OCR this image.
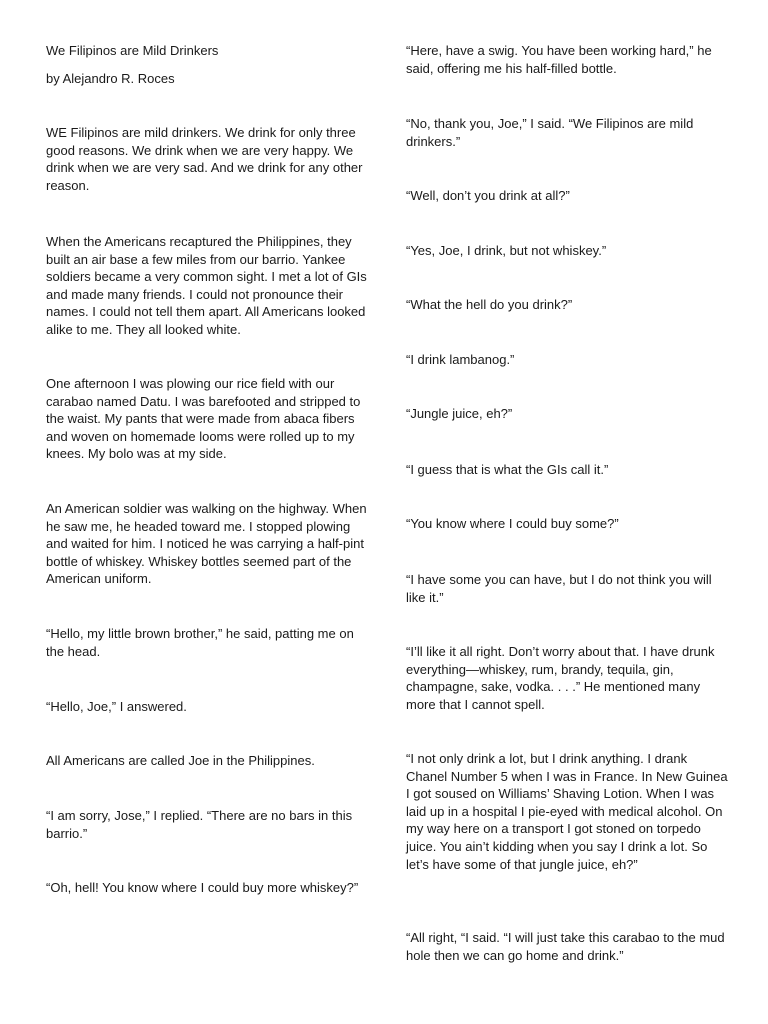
We Filipinos are Mild Drinkers

by Alejandro R. Roces

WE Filipinos are mild drinkers. We drink for only three good reasons. We drink when we are very happy. We drink when we are very sad. And we drink for any other reason.

When the Americans recaptured the Philippines, they built an air base a few miles from our barrio. Yankee soldiers became a very common sight. I met a lot of GIs and made many friends. I could not pronounce their names. I could not tell them apart. All Americans looked alike to me. They all looked white.

One afternoon I was plowing our rice field with our carabao named Datu. I was barefooted and stripped to the waist. My pants that were made from abaca fibers and woven on homemade looms were rolled up to my knees. My bolo was at my side.

An American soldier was walking on the highway. When he saw me, he headed toward me. I stopped plowing and waited for him. I noticed he was carrying a half-pint bottle of whiskey. Whiskey bottles seemed part of the American uniform.

“Hello, my little brown brother,” he said, patting me on the head.

“Hello, Joe,” I answered.

All Americans are called Joe in the Philippines.

“I am sorry, Jose,” I replied. “There are no bars in this barrio.”

“Oh, hell! You know where I could buy more whiskey?”

“Here, have a swig. You have been working hard,” he said, offering me his half-filled bottle.

“No, thank you, Joe,” I said. “We Filipinos are mild drinkers.”

“Well, don’t you drink at all?”

“Yes, Joe, I drink, but not whiskey.”

“What the hell do you drink?”

“I drink lambanog.”

“Jungle juice, eh?”

“I guess that is what the GIs call it.”

“You know where I could buy some?”

“I have some you can have, but I do not think you will like it.”

“I’ll like it all right. Don’t worry about that. I have drunk everything—whiskey, rum, brandy, tequila, gin, champagne, sake, vodka. . . .” He mentioned many more that I cannot spell.

“I not only drink a lot, but I drink anything. I drank Chanel Number 5 when I was in France. In New Guinea I got soused on Williams’ Shaving Lotion. When I was laid up in a hospital I pie-eyed with medical alcohol. On my way here on a transport I got stoned on torpedo juice. You ain’t kidding when you say I drink a lot. So let’s have some of that jungle juice, eh?”

“All right, “I said. “I will just take this carabao to the mud hole then we can go home and drink.”
